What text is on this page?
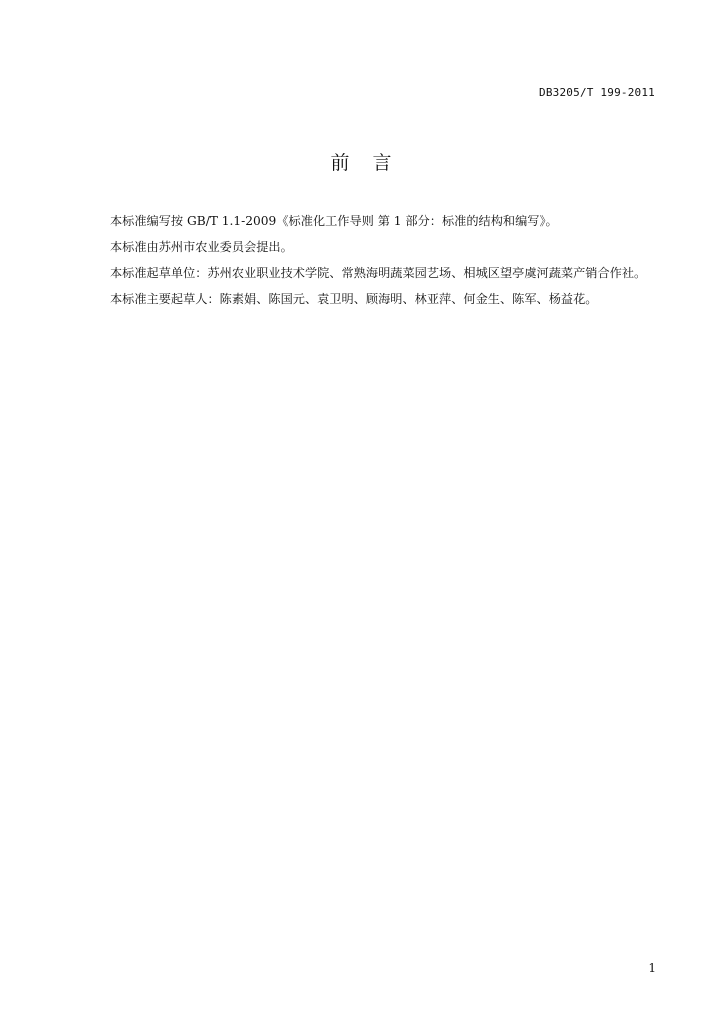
DB3205/T 199-2011
前　言

本标准编写按 GB/T 1.1-2009《标准化工作导则 第 1 部分：标准的结构和编写》。

本标准由苏州市农业委员会提出。

本标准起草单位：苏州农业职业技术学院、常熟海明蔬菜园艺场、相城区望亭虞河蔬菜产销合作社。

本标准主要起草人：陈素娟、陈国元、袁卫明、顾海明、林亚萍、何金生、陈军、杨益花。

1
